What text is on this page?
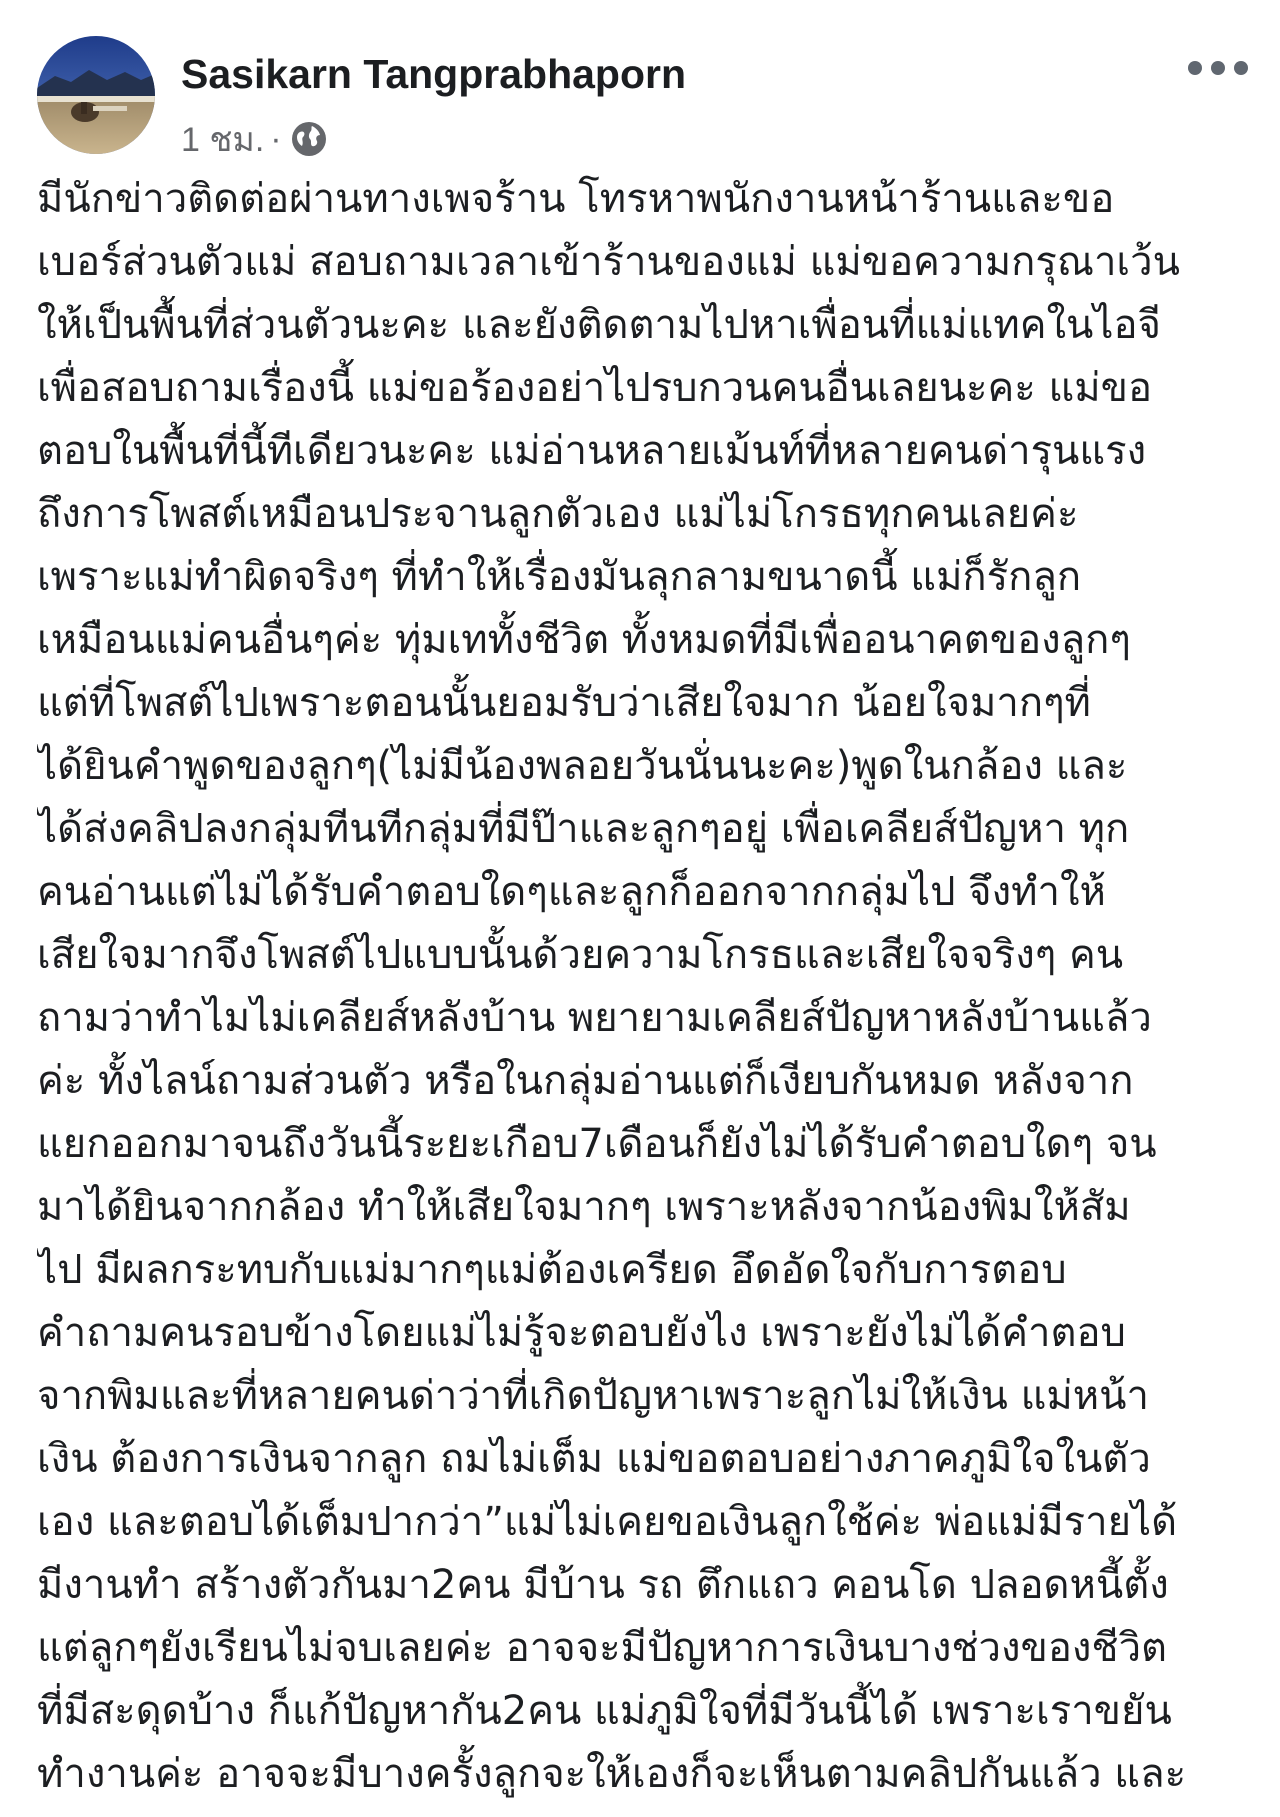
Sasikarn Tangprabhaporn
1 ชม. ·
มีนักข่าวติดต่อผ่านทางเพจร้าน โทรหาพนักงานหน้าร้านและขอ
เบอร์ส่วนตัวแม่ สอบถามเวลาเข้าร้านของแม่ แม่ขอความกรุณาเว้น
ให้เป็นพื้นที่ส่วนตัวนะคะ และยังติดตามไปหาเพื่อนที่แม่แทคในไอจี
เพื่อสอบถามเรื่องนี้ แม่ขอร้องอย่าไปรบกวนคนอื่นเลยนะคะ แม่ขอ
ตอบในพื้นที่นี้ทีเดียวนะคะ แม่อ่านหลายเม้นท์ที่หลายคนด่ารุนแรง
ถึงการโพสต์เหมือนประจานลูกตัวเอง แม่ไม่โกรธทุกคนเลยค่ะ
เพราะแม่ทำผิดจริงๆ ที่ทำให้เรื่องมันลุกลามขนาดนี้ แม่ก็รักลูก
เหมือนแม่คนอื่นๆค่ะ ทุ่มเททั้งชีวิต ทั้งหมดที่มีเพื่ออนาคตของลูกๆ
แต่ที่โพสต์ไปเพราะตอนนั้นยอมรับว่าเสียใจมาก น้อยใจมากๆที่
ได้ยินคำพูดของลูกๆ(ไม่มีน้องพลอยวันนั่นนะคะ)พูดในกล้อง และ
ได้ส่งคลิปลงกลุ่มทีนทีกลุ่มที่มีป๊าและลูกๆอยู่ เพื่อเคลียส์ปัญหา ทุก
คนอ่านแต่ไม่ได้รับคำตอบใดๆและลูกก็ออกจากกลุ่มไป จึงทำให้
เสียใจมากจึงโพสต์ไปแบบนั้นด้วยความโกรธและเสียใจจริงๆ คน
ถามว่าทำไมไม่เคลียส์หลังบ้าน พยายามเคลียส์ปัญหาหลังบ้านแล้ว
ค่ะ ทั้งไลน์ถามส่วนตัว หรือในกลุ่มอ่านแต่ก็เงียบกันหมด หลังจาก
แยกออกมาจนถึงวันนี้ระยะเกือบ7เดือนก็ยังไม่ได้รับคำตอบใดๆ จน
มาได้ยินจากกล้อง ทำให้เสียใจมากๆ เพราะหลังจากน้องพิมให้สัม
ไป มีผลกระทบกับแม่มากๆแม่ต้องเครียด อึดอัดใจกับการตอบ
คำถามคนรอบข้างโดยแม่ไม่รู้จะตอบยังไง เพราะยังไม่ได้คำตอบ
จากพิมและที่หลายคนด่าว่าที่เกิดปัญหาเพราะลูกไม่ให้เงิน แม่หน้า
เงิน ต้องการเงินจากลูก ถมไม่เต็ม แม่ขอตอบอย่างภาคภูมิใจในตัว
เอง และตอบได้เต็มปากว่า”แม่ไม่เคยขอเงินลูกใช้ค่ะ พ่อแม่มีรายได้
มีงานทำ สร้างตัวกันมา2คน มีบ้าน รถ ตึกแถว คอนโด ปลอดหนี้ตั้ง
แต่ลูกๆยังเรียนไม่จบเลยค่ะ อาจจะมีปัญหาการเงินบางช่วงของชีวิต
ที่มีสะดุดบ้าง ก็แก้ปัญหากัน2คน แม่ภูมิใจที่มีวันนี้ได้ เพราะเราขยัน
ทำงานค่ะ อาจจะมีบางครั้งลูกจะให้เองก็จะเห็นตามคลิปกันแล้ว และ
